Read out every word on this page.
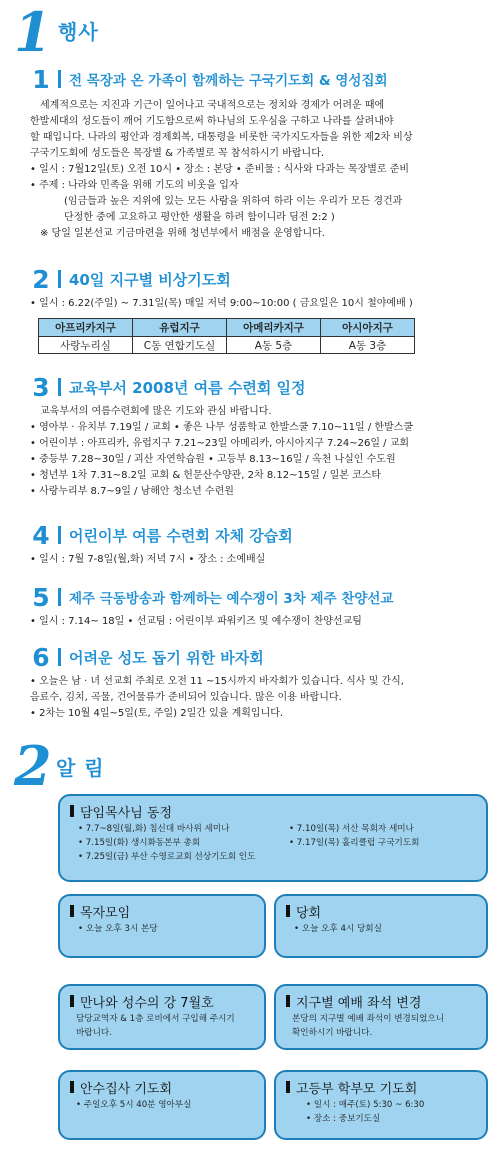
1 행사
1 전 목장과 온 가족이 함께하는 구국기도회 & 영성집회

세계적으로는 지진과 기근이 일어나고 국내적으로는 정치와 경제가 어려운 때에

한발세대의 성도들이 깨어 기도함으로써 하나님의 도우심을 구하고 나라를 살려내야

할 때입니다. 나라의 평안과 경제회복, 대통령을 비롯한 국가지도자들을 위한 제2차 비상

구국기도회에 성도들은 목장별 & 가족별로 꼭 참석하시기 바랍니다.

• 일시 : 7월12일(토) 오전 10시 • 장소 : 본당 • 준비물 : 식사와 다과는 목장별로 준비

• 주제 : 나라와 민족을 위해 기도의 비옷을 입자

(임금들과 높은 지위에 있는 모든 사람을 위하여 하라 이는 우리가 모든 경건과

단정한 중에 고요하고 평안한 생활을 하려 함이니라 딤전 2:2 )

※ 당일 일본선교 기금마련을 위해 청년부에서 배점을 운영합니다.

2 40일 지구별 비상기도회

• 일시 : 6.22(주일) ~ 7.31일(목) 매일 저녁 9:00~10:00 ( 금요일은 10시 철야예배 )

아프리카지구	유럽지구	아메리카지구	아시아지구
사랑누리실	C동 연합기도실	A동 5층	A동 3층
3 교육부서 2008년 여름 수련회 일정

교육부서의 여름수련회에 많은 기도와 관심 바랍니다.

• 영아부 · 유치부 7.19일 / 교회 • 좋은 나무 성품학교 한발스쿨 7.10~11일 / 한발스쿨

• 어린이부 : 아프리카, 유럽지구 7.21~23일 아메리카, 아시아지구 7.24~26일 / 교회

• 중등부 7.28~30일 / 괴산 자연학습원 • 고등부 8.13~16일 / 옥천 나실인 수도원

• 청년부 1차 7.31~8.2일 교회 & 헌문산수양관, 2차 8.12~15일 / 일본 코스타

• 사랑누리부 8.7~9일 / 남해안 청소년 수련원

4 어린이부 여름 수련회 자체 강습회

• 일시 : 7월 7-8일(월,화) 저녁 7시 • 장소 : 소예배실

5 제주 극동방송과 함께하는 예수쟁이 3차 제주 찬양선교

• 일시 : 7.14~ 18일 • 선교팀 : 어린이부 파워키즈 및 예수쟁이 찬양선교팀

6 어려운 성도 돕기 위한 바자회

• 오늘은 남 · 녀 선교회 주최로 오전 11 ~15시까지 바자회가 있습니다. 식사 및 간식,

음료수, 김치, 곡물, 건어물류가 준비되어 있습니다. 많은 이용 바랍니다.

• 2차는 10월 4일~5일(토, 주일) 2일간 있을 계획입니다.

2 알 림
담임목사님 동정

• 7.7~8일(월,화) 침신대 바사위 세미나

• 7.15일(화) 생시화동본부 총회

• 7.25일(금) 부산 수영로교회 선상기도회 인도

• 7.10일(목) 서산 목회자 세미나

• 7.17일(목) 홀리클럽 구국기도회

목자모임

• 오늘 오후 3시 본당

당회

• 오늘 오후 4시 당회실

만나와 성수의 강 7월호

담당교역자 & 1층 로비에서 구입해 주시기

바랍니다.

지구별 예배 좌석 변경

본당의 지구별 예배 좌석이 변경되었으니

확인하시기 바랍니다.

안수집사 기도회

• 주일오후 5시 40분 영아부실

고등부 학부모 기도회

• 일시 : 매주(토) 5:30 ~ 6:30

• 장소 : 중보기도실
